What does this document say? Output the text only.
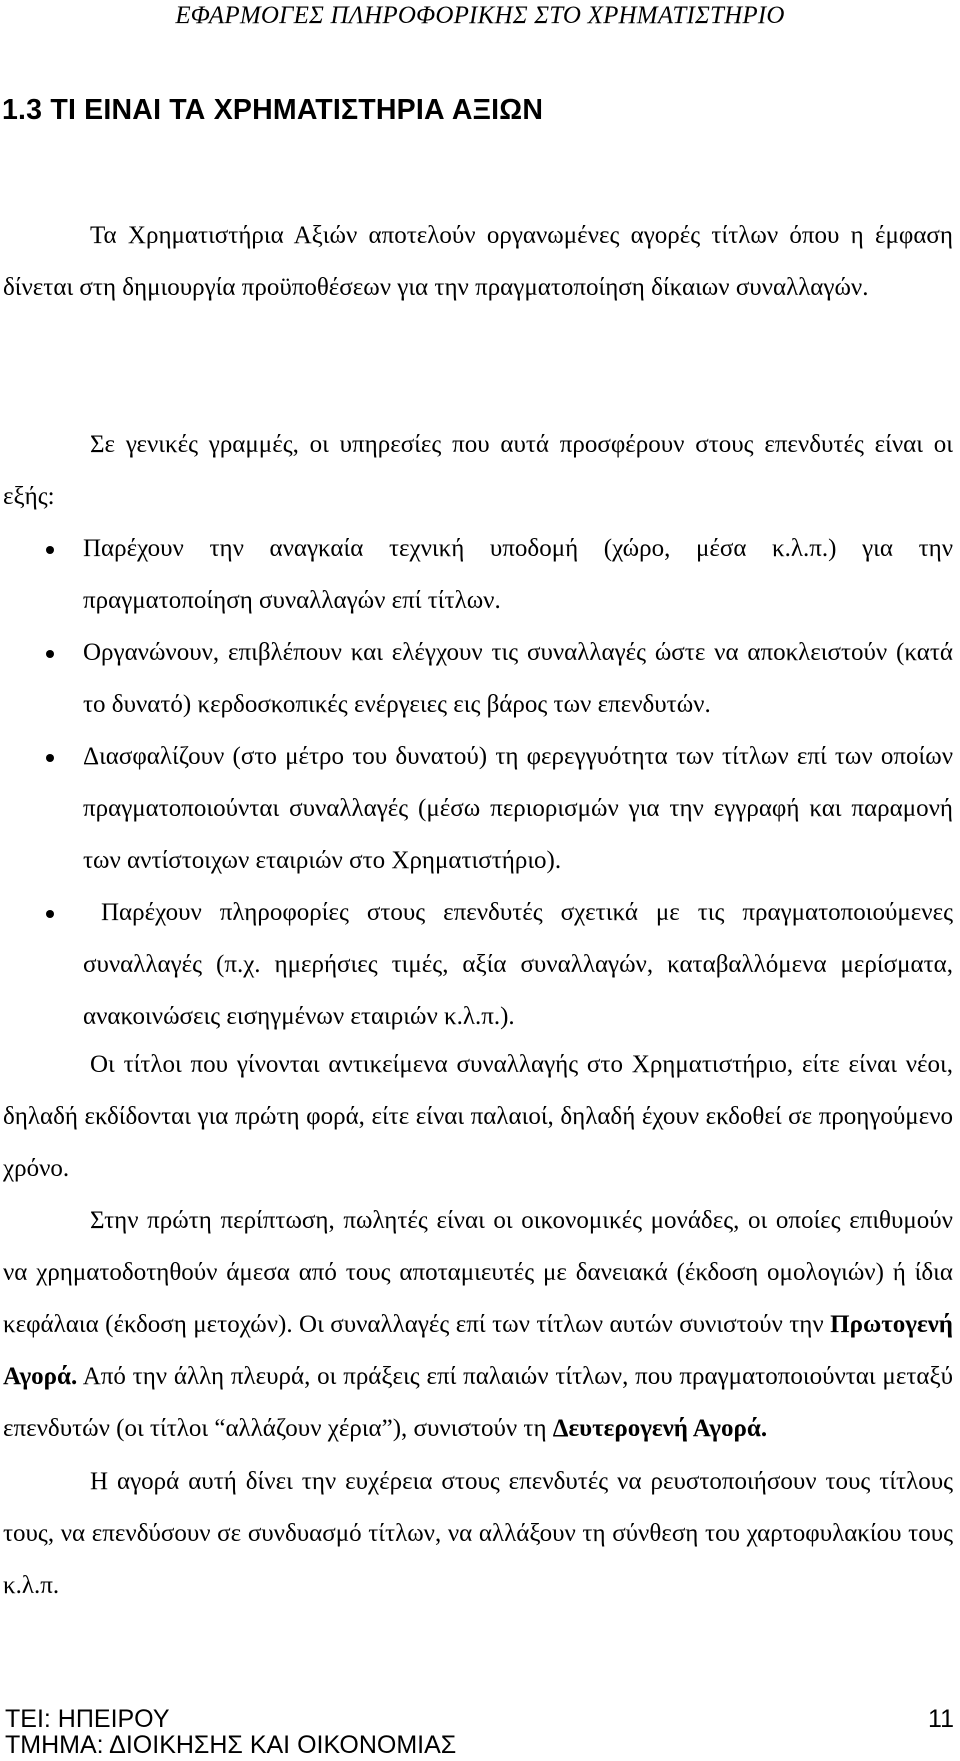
ΕΦΑΡΜΟΓΕΣ ΠΛΗΡΟΦΟΡΙΚΗΣ ΣΤΟ ΧΡΗΜΑΤΙΣΤΗΡΙΟ
1.3 ΤΙ ΕΙΝΑΙ ΤΑ ΧΡΗΜΑΤΙΣΤΗΡΙΑ ΑΞΙΩΝ

Τα Χρηματιστήρια Αξιών αποτελούν οργανωμένες αγορές τίτλων όπου η έμφαση δίνεται στη δημιουργία προϋποθέσεων για την πραγματοποίηση δίκαιων συναλλαγών.

Σε γενικές γραμμές, οι υπηρεσίες που αυτά προσφέρουν στους επενδυτές είναι οι εξής:

Παρέχουν την αναγκαία τεχνική υποδομή (χώρο, μέσα κ.λ.π.) για την πραγματοποίηση συναλλαγών επί τίτλων.
Οργανώνουν, επιβλέπουν και ελέγχουν τις συναλλαγές ώστε να αποκλειστούν (κατά το δυνατό) κερδοσκοπικές ενέργειες εις βάρος των επενδυτών.
Διασφαλίζουν (στο μέτρο του δυνατού) τη φερεγγυότητα των τίτλων επί των οποίων πραγματοποιούνται συναλλαγές (μέσω περιορισμών για την εγγραφή και παραμονή των αντίστοιχων εταιριών στο Χρηματιστήριο).
Παρέχουν πληροφορίες στους επενδυτές σχετικά με τις πραγματοποιούμενες συναλλαγές (π.χ. ημερήσιες τιμές, αξία συναλλαγών, καταβαλλόμενα μερίσματα, ανακοινώσεις εισηγμένων εταιριών κ.λ.π.).

Οι τίτλοι που γίνονται αντικείμενα συναλλαγής στο Χρηματιστήριο, είτε είναι νέοι, δηλαδή εκδίδονται για πρώτη φορά, είτε είναι παλαιοί, δηλαδή έχουν εκδοθεί σε προηγούμενο χρόνο.

Στην πρώτη περίπτωση, πωλητές είναι οι οικονομικές μονάδες, οι οποίες επιθυμούν να χρηματοδοτηθούν άμεσα από τους αποταμιευτές με δανειακά (έκδοση ομολογιών) ή ίδια κεφάλαια (έκδοση μετοχών). Οι συναλλαγές επί των τίτλων αυτών συνιστούν την Πρωτογενή Αγορά. Από την άλλη πλευρά, οι πράξεις επί παλαιών τίτλων, που πραγματοποιούνται μεταξύ επενδυτών (οι τίτλοι “αλλάζουν χέρια”), συνιστούν τη Δευτερογενή Αγορά.

Η αγορά αυτή δίνει την ευχέρεια στους επενδυτές να ρευστοποιήσουν τους τίτλους τους, να επενδύσουν σε συνδυασμό τίτλων, να αλλάξουν τη σύνθεση του χαρτοφυλακίου τους κ.λ.π.

ΤΕΙ: ΗΠΕΙΡΟΥ
ΤΜΗΜΑ: ΔΙΟΙΚΗΣΗΣ ΚΑΙ ΟΙΚΟΝΟΜΙΑΣ
11
